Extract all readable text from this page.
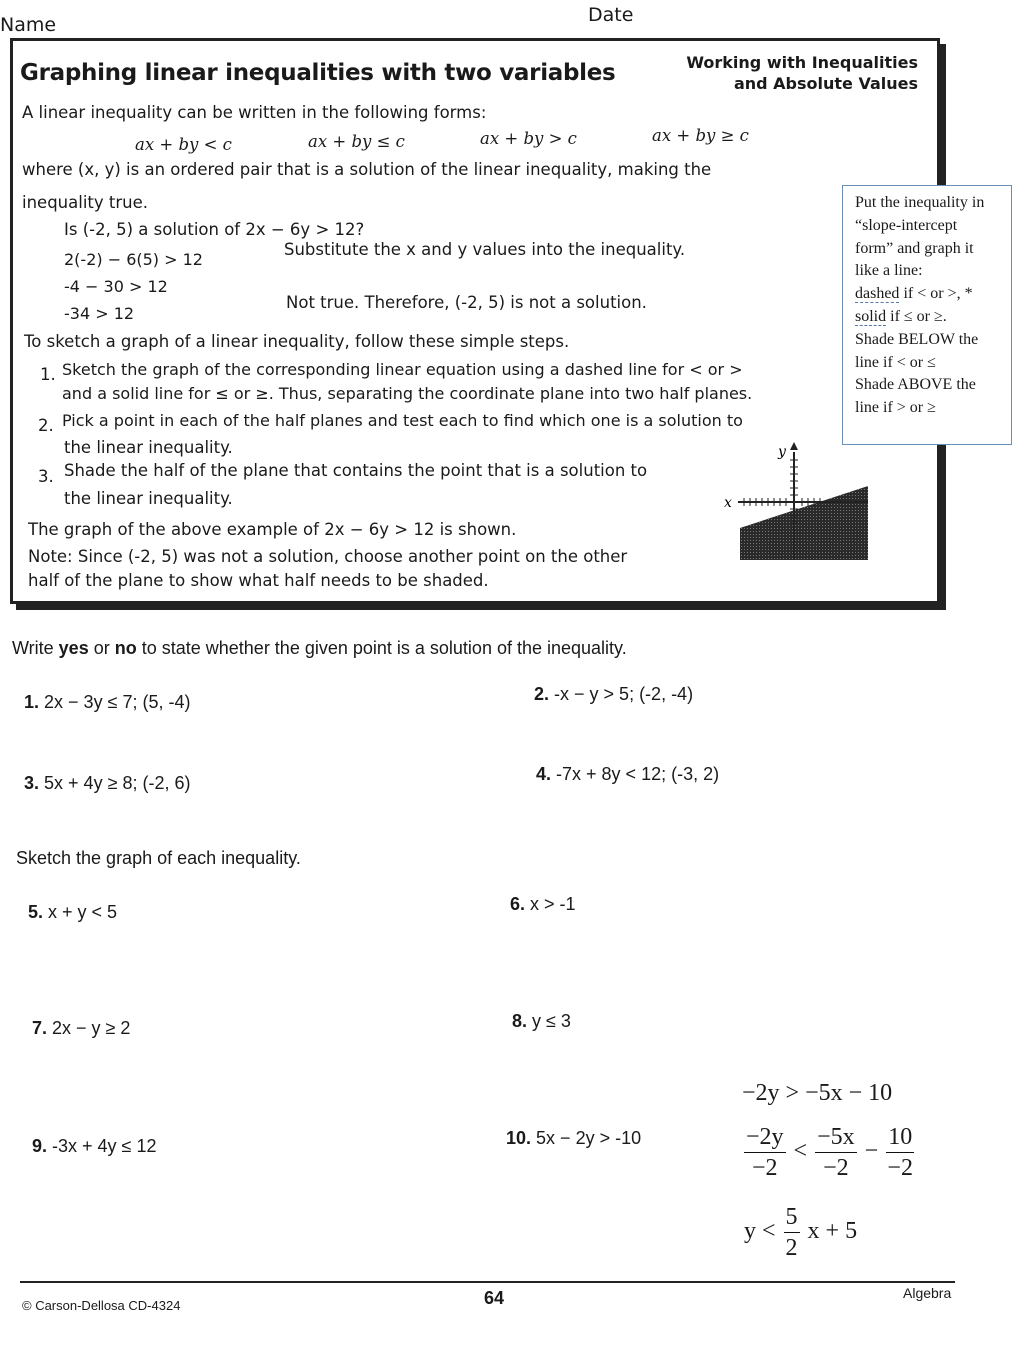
Name	Date
Graphing linear inequalities with two variables	Working with Inequalities
and Absolute Values
A linear inequality can be written in the following forms:
ax + by < c	ax + by ≤ c	ax + by > c	ax + by ≥ c
where (x, y) is an ordered pair that is a solution of the linear inequality, making the
inequality true.
Is (-2, 5) a solution of 2x − 6y > 12?
2(-2) − 6(5) > 12
Substitute the x and y values into the inequality.
-4 − 30 > 12
-34 > 12
Not true. Therefore, (-2, 5) is not a solution.
To sketch a graph of a linear inequality, follow these simple steps.
1. Sketch the graph of the corresponding linear equation using a dashed line for < or >
and a solid line for ≤ or ≥. Thus, separating the coordinate plane into two half planes.
2. Pick a point in each of the half planes and test each to find which one is a solution to
the linear inequality.
3. Shade the half of the plane that contains the point that is a solution to
the linear inequality.
The graph of the above example of 2x − 6y > 12 is shown.
Note: Since (-2, 5) was not a solution, choose another point on the other
half of the plane to show what half needs to be shaded.
y
x
Put the inequality in
“slope-intercept
form” and graph it
like a line:
dashed if < or >, *
solid if ≤ or ≥.
Shade BELOW the
line if < or ≤
Shade ABOVE the
line if > or ≥
Write yes or no to state whether the given point is a solution of the inequality.
1. 2x − 3y ≤ 7; (5, -4)	2. -x − y > 5; (-2, -4)
3. 5x + 4y ≥ 8; (-2, 6)	4. -7x + 8y < 12; (-3, 2)
Sketch the graph of each inequality.
5. x + y < 5	6. x > -1
7. 2x − y ≥ 2	8. y ≤ 3
9. -3x + 4y ≤ 12	10. 5x − 2y > -10
−2y > −5x − 10
$\frac{-2y}{-2} < \frac{-5x}{-2} - \frac{10}{-2}$
$y < \frac{5}{2}$ x + 5
© Carson-Dellosa CD-4324	64	Algebra
